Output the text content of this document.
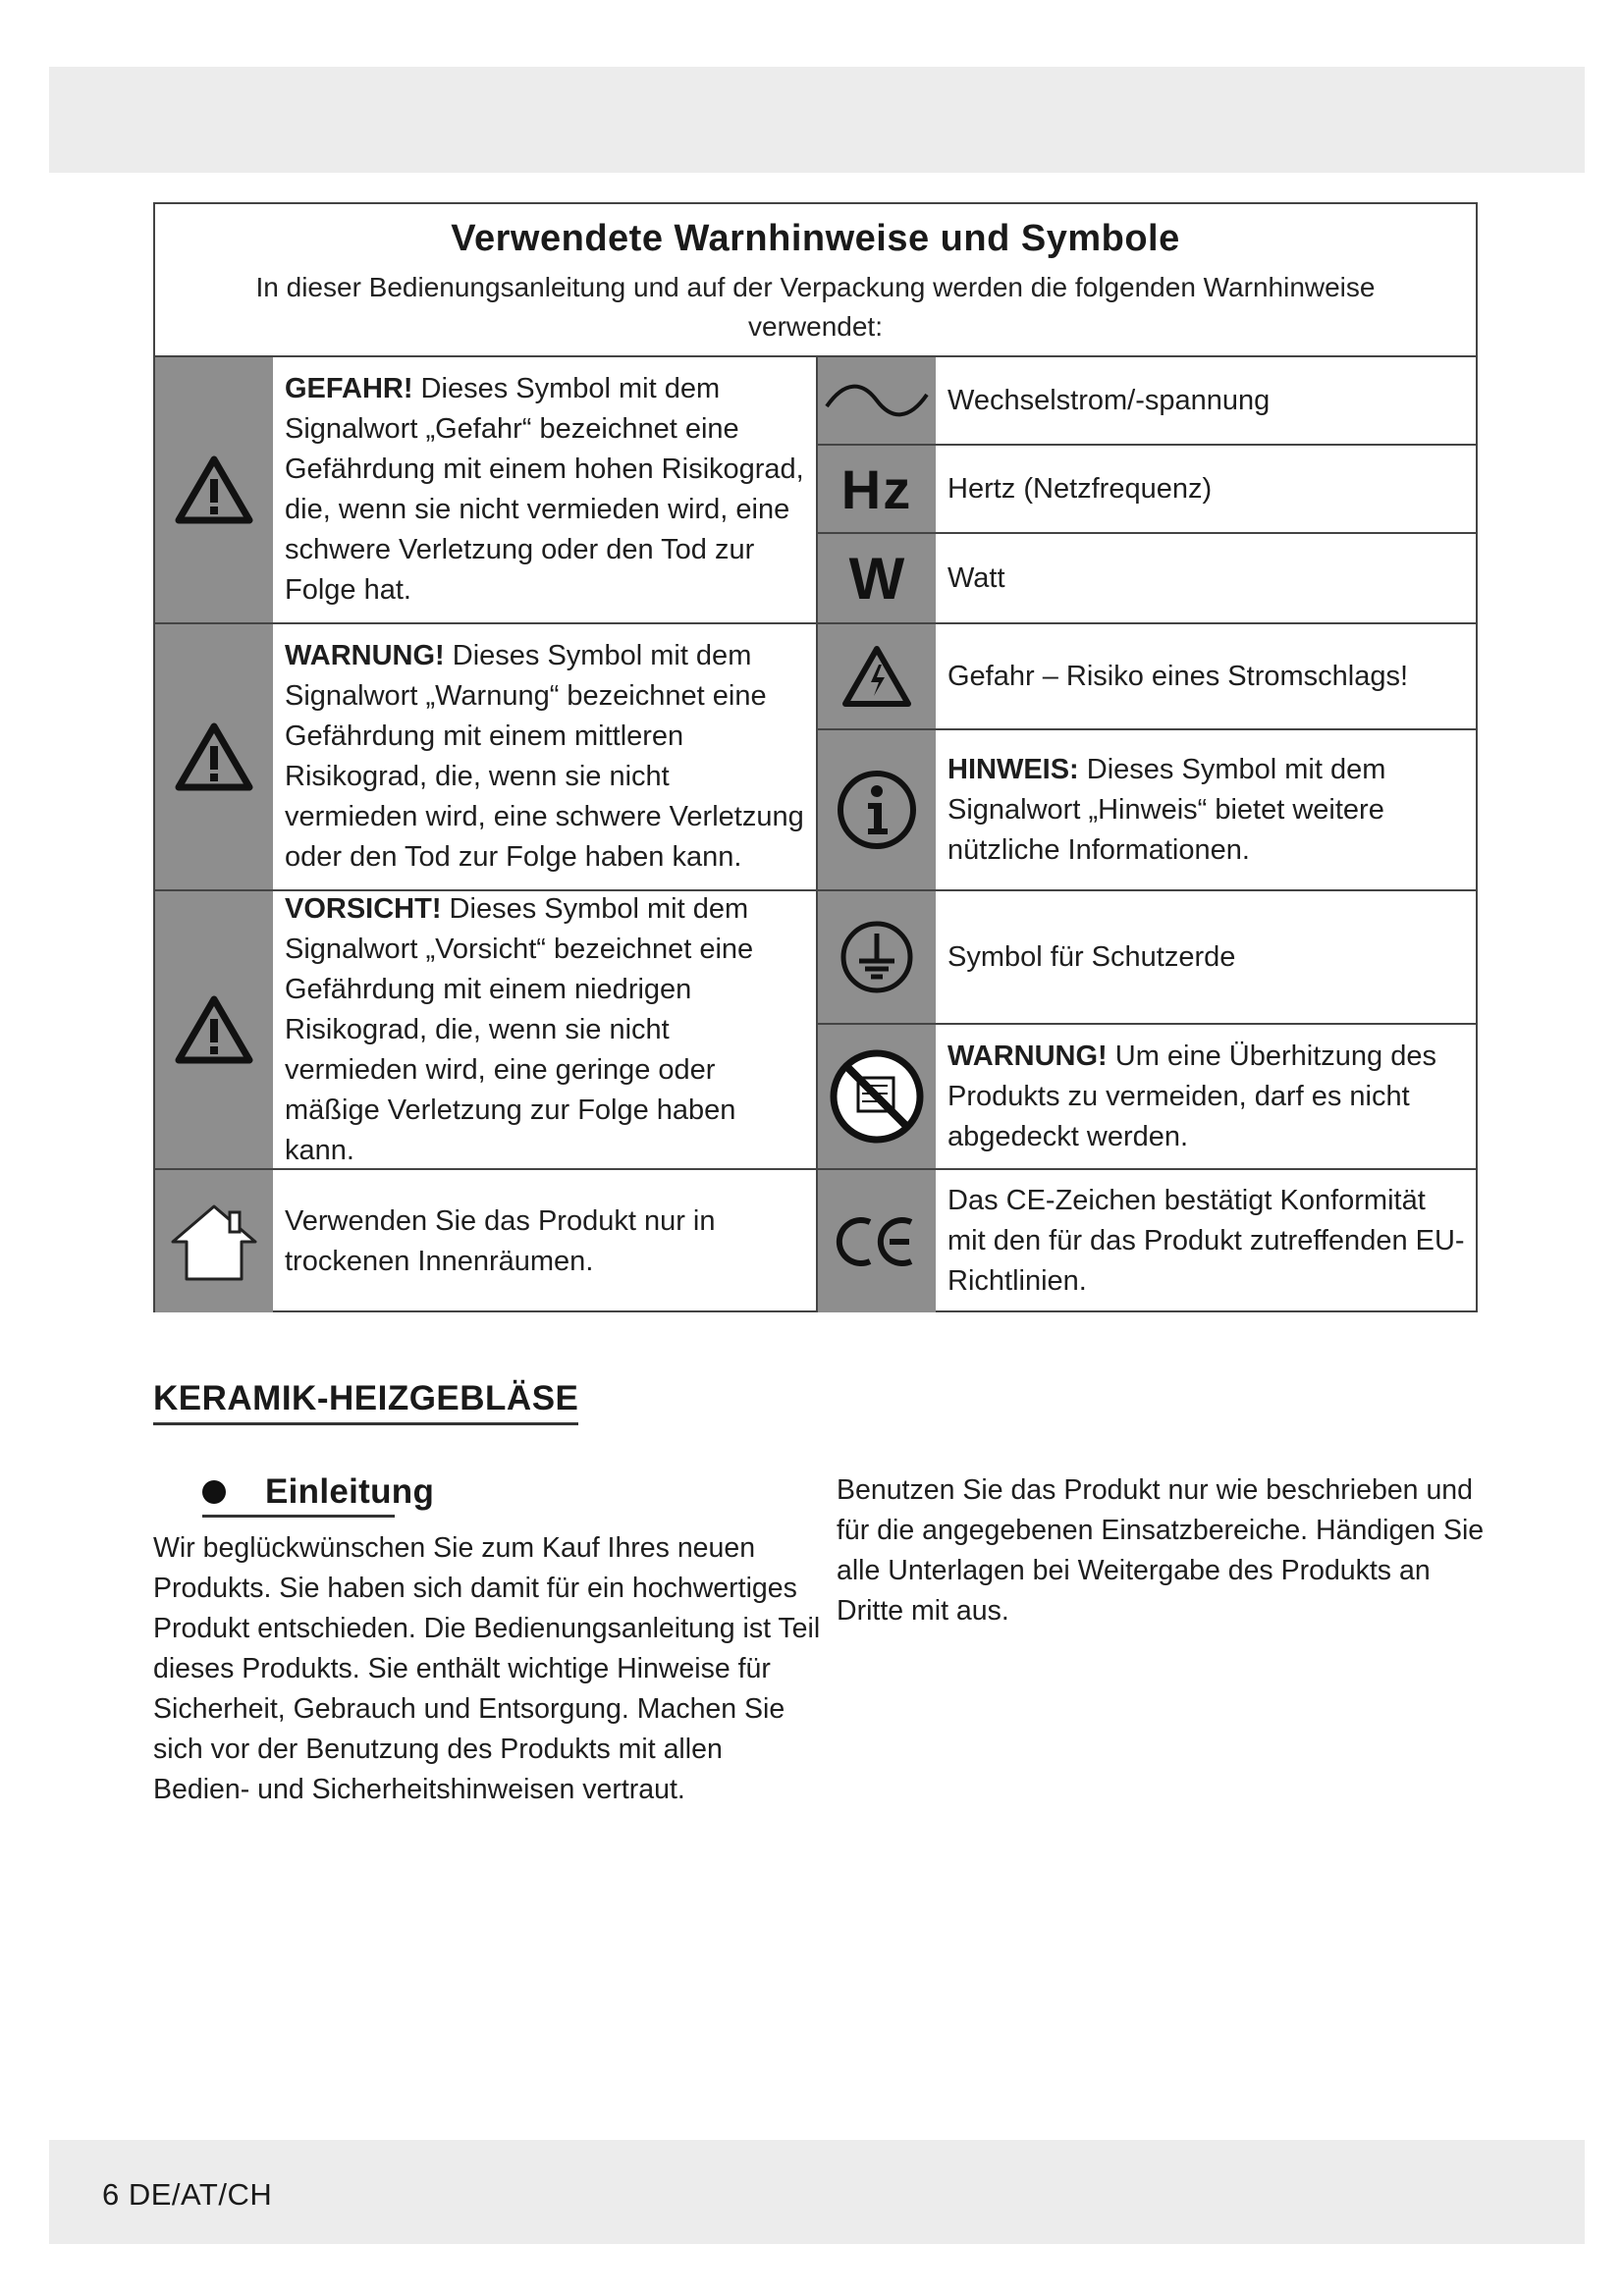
Verwendete Warnhinweise und Symbole
In dieser Bedienungsanleitung und auf der Verpackung werden die folgenden Warnhinweise verwendet:
GEFAHR! Dieses Symbol mit dem Signalwort „Gefahr“ bezeichnet eine Gefährdung mit einem hohen Risikograd, die, wenn sie nicht vermieden wird, eine schwere Verletzung oder den Tod zur Folge hat.
WARNUNG! Dieses Symbol mit dem Signalwort „Warnung“ bezeichnet eine Gefährdung mit einem mittleren Risikograd, die, wenn sie nicht vermieden wird, eine schwere Verletzung oder den Tod zur Folge haben kann.
VORSICHT! Dieses Symbol mit dem Signalwort „Vorsicht“ bezeichnet eine Gefährdung mit einem niedrigen Risikograd, die, wenn sie nicht vermieden wird, eine geringe oder mäßige Verletzung zur Folge haben kann.
Verwenden Sie das Produkt nur in trockenen Innenräumen.
Wechselstrom/-spannung
Hz Hertz (Netzfrequenz)
W Watt
Gefahr – Risiko eines Stromschlags!
HINWEIS: Dieses Symbol mit dem Signalwort „Hinweis“ bietet weitere nützliche Informationen.
Symbol für Schutzerde
WARNUNG! Um eine Überhitzung des Produkts zu vermeiden, darf es nicht abgedeckt werden.
Das CE-Zeichen bestätigt Konformität mit den für das Produkt zutreffenden EU-Richtlinien.
KERAMIK-HEIZGEBLÄSE
Einleitung
Wir beglückwünschen Sie zum Kauf Ihres neuen Produkts. Sie haben sich damit für ein hochwertiges Produkt entschieden. Die Bedienungsanleitung ist Teil dieses Produkts. Sie enthält wichtige Hinweise für Sicherheit, Gebrauch und Entsorgung. Machen Sie sich vor der Benutzung des Produkts mit allen Bedien- und Sicherheitshinweisen vertraut.
Benutzen Sie das Produkt nur wie beschrieben und für die angegebenen Einsatzbereiche. Händigen Sie alle Unterlagen bei Weitergabe des Produkts an Dritte mit aus.
6 DE/AT/CH
